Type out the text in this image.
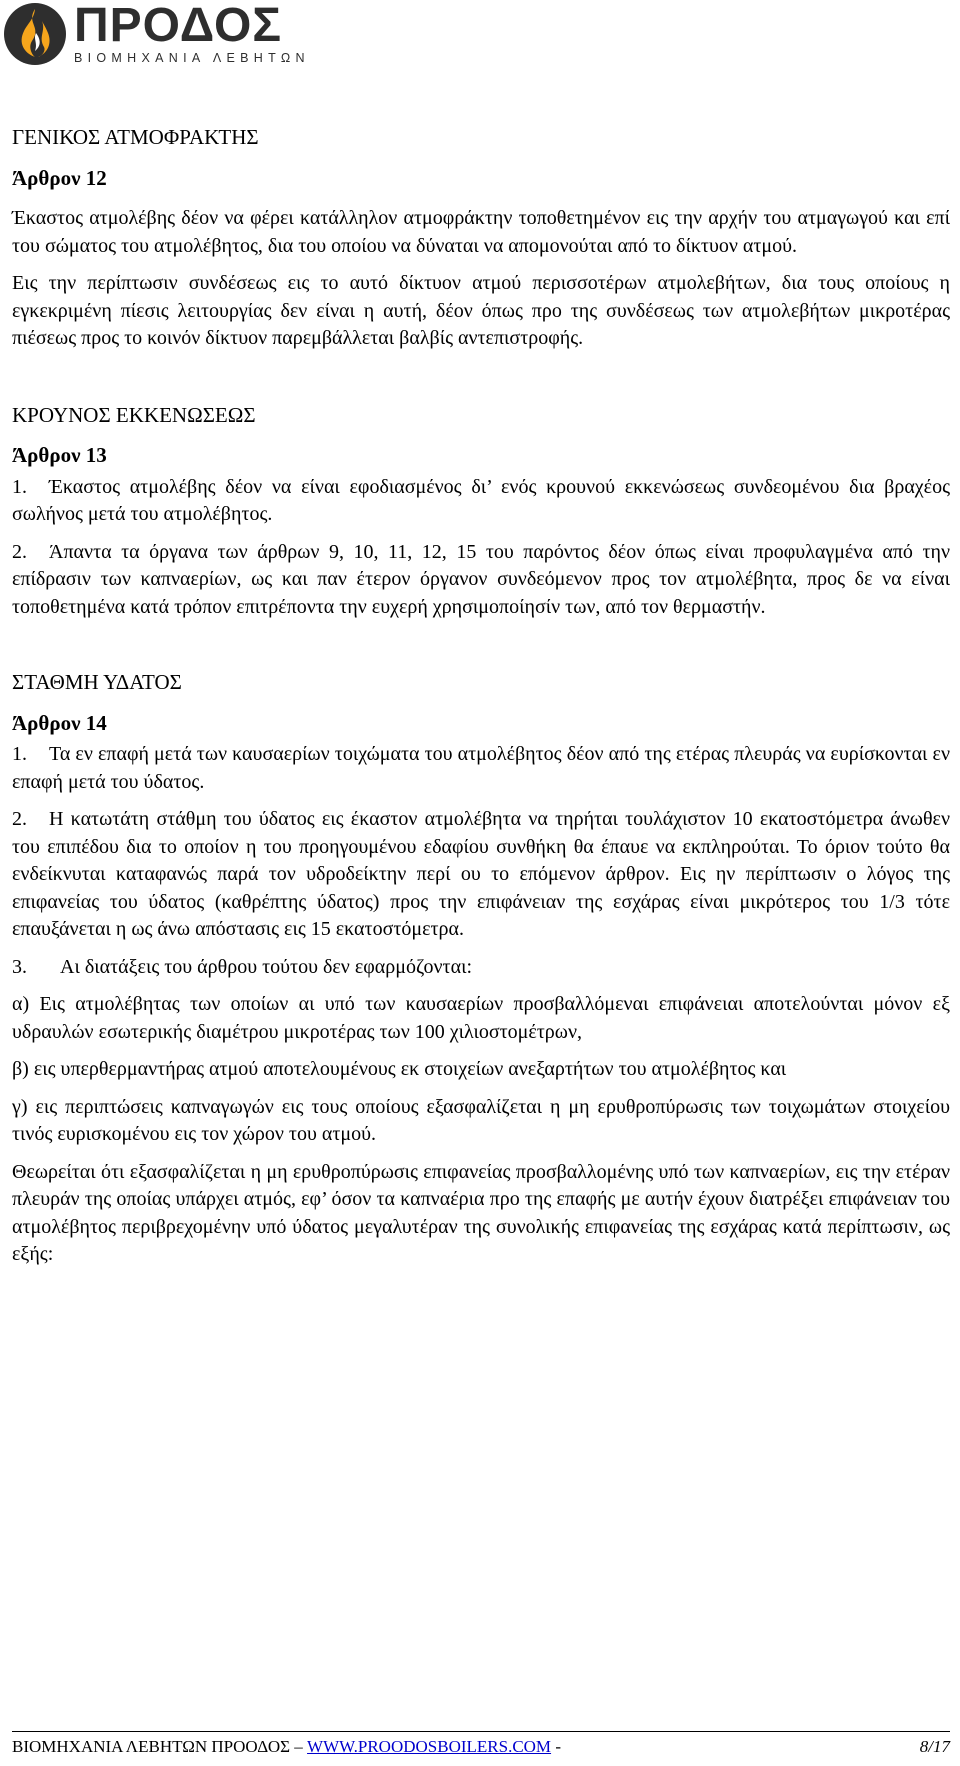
ΠΡΟΔΟΣ
ΒΙΟΜΗΧΑΝΙΑ ΛΕΒΗΤΩΝ

ΓΕΝΙΚΟΣ ΑΤΜΟΦΡΑΚΤΗΣ

Άρθρον 12

Έκαστος ατμολέβης δέον να φέρει κατάλληλον ατμοφράκτην τοποθετημένον εις την αρχήν του ατμαγωγού και επί του σώματος του ατμολέβητος, δια του οποίου να δύναται να απομονούται από το δίκτυον ατμού.

Εις την περίπτωσιν συνδέσεως εις το αυτό δίκτυον ατμού περισσοτέρων ατμολεβήτων, δια τους οποίους η εγκεκριμένη πίεσις λειτουργίας δεν είναι η αυτή, δέον όπως προ της συνδέσεως των ατμολεβήτων μικροτέρας πιέσεως προς το κοινόν δίκτυον παρεμβάλλεται βαλβίς αντεπιστροφής.

ΚΡΟΥΝΟΣ ΕΚΚΕΝΩΣΕΩΣ

Άρθρον 13

1. Έκαστος ατμολέβης δέον να είναι εφοδιασμένος δι’ ενός κρουνού εκκενώσεως συνδεομένου δια βραχέος σωλήνος μετά του ατμολέβητος.

2. Άπαντα τα όργανα των άρθρων 9, 10, 11, 12, 15 του παρόντος δέον όπως είναι προφυλαγμένα από την επίδρασιν των καπναερίων, ως και παν έτερον όργανον συνδεόμενον προς τον ατμολέβητα, προς δε να είναι τοποθετημένα κατά τρόπον επιτρέποντα την ευχερή χρησιμοποίησίν των, από τον θερμαστήν.

ΣΤΑΘΜΗ ΥΔΑΤΟΣ

Άρθρον 14

1. Τα εν επαφή μετά των καυσαερίων τοιχώματα του ατμολέβητος δέον από της ετέρας πλευράς να ευρίσκονται εν επαφή μετά του ύδατος.

2. Η κατωτάτη στάθμη του ύδατος εις έκαστον ατμολέβητα να τηρήται τουλάχιστον 10 εκατοστόμετρα άνωθεν του επιπέδου δια το οποίον η του προηγουμένου εδαφίου συνθήκη θα έπαυε να εκπληρούται. Το όριον τούτο θα ενδείκνυται καταφανώς παρά τον υδροδείκτην περί ου το επόμενον άρθρον. Εις ην περίπτωσιν ο λόγος της επιφανείας του ύδατος (καθρέπτης ύδατος) προς την επιφάνειαν της εσχάρας είναι μικρότερος του 1/3 τότε επαυξάνεται η ως άνω απόστασις εις 15 εκατοστόμετρα.

3. Αι διατάξεις του άρθρου τούτου δεν εφαρμόζονται:

α) Εις ατμολέβητας των οποίων αι υπό των καυσαερίων προσβαλλόμεναι επιφάνειαι αποτελούνται μόνον εξ υδραυλών εσωτερικής διαμέτρου μικροτέρας των 100 χιλιοστομέτρων,

β) εις υπερθερμαντήρας ατμού αποτελουμένους εκ στοιχείων ανεξαρτήτων του ατμολέβητος και

γ) εις περιπτώσεις καπναγωγών εις τους οποίους εξασφαλίζεται η μη ερυθροπύρωσις των τοιχωμάτων στοιχείου τινός ευρισκομένου εις τον χώρον του ατμού.

Θεωρείται ότι εξασφαλίζεται η μη ερυθροπύρωσις επιφανείας προσβαλλομένης υπό των καπναερίων, εις την ετέραν πλευράν της οποίας υπάρχει ατμός, εφ’ όσον τα καπναέρια προ της επαφής με αυτήν έχουν διατρέξει επιφάνειαν του ατμολέβητος περιβρεχομένην υπό ύδατος μεγαλυτέραν της συνολικής επιφανείας της εσχάρας κατά περίπτωσιν, ως εξής:

ΒΙΟΜΗΧΑΝΙΑ ΛΕΒΗΤΩΝ ΠΡΟΟΔΟΣ – WWW.PROODOSBOILERS.COM -	8/17
